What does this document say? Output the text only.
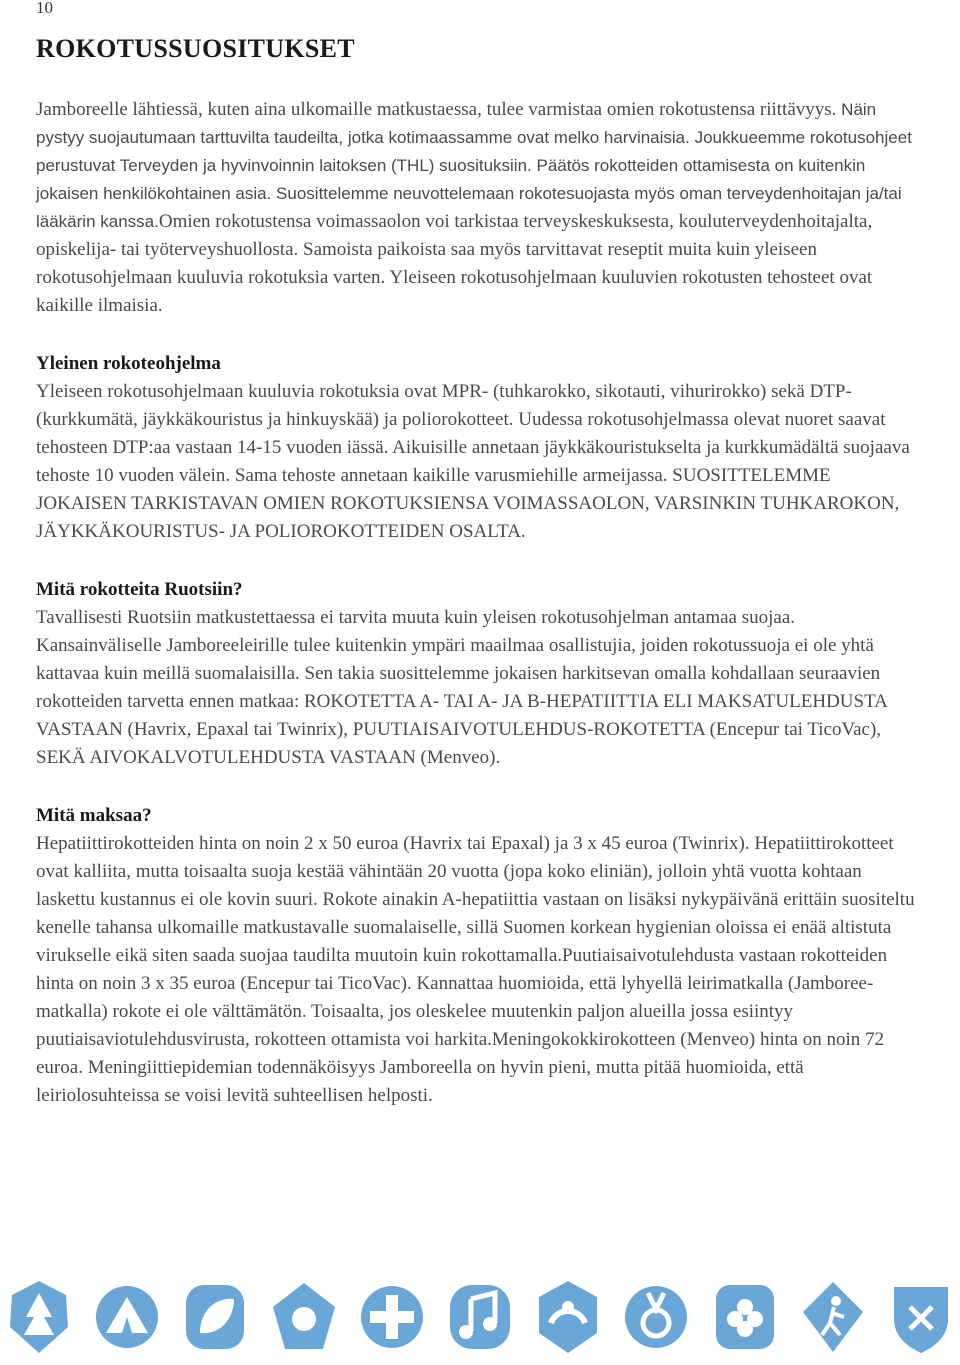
10
ROKOTUSSUOSITUKSET

Jamboreelle lähtiessä, kuten aina ulkomaille matkustaessa, tulee varmistaa omien rokotustensa riittävyys. Näin pystyy suojautumaan tarttuvilta taudeilta, jotka kotimaassamme ovat melko harvinaisia. Joukkueemme rokotusohjeet perustuvat Terveyden ja hyvinvoinnin laitoksen (THL) suosituksiin. Päätös rokotteiden ottamisesta on kuitenkin jokaisen henkilökohtainen asia. Suosittelemme neuvottelemaan rokotesuojasta myös oman terveydenhoitajan ja/tai lääkärin kanssa.Omien rokotustensa voimassaolon voi tarkistaa terveyskeskuksesta, kouluterveydenhoitajalta, opiskelija- tai työterveyshuollosta. Samoista paikoista saa myös tarvittavat reseptit muita kuin yleiseen rokotusohjelmaan kuuluvia rokotuksia varten. Yleiseen rokotusohjelmaan kuuluvien rokotusten tehosteet ovat kaikille ilmaisia.

Yleinen rokoteohjelma

Yleiseen rokotusohjelmaan kuuluvia rokotuksia ovat MPR- (tuhkarokko, sikotauti, vihurirokko) sekä DTP- (kurkkumätä, jäykkäkouristus ja hinkuyskää) ja poliorokotteet. Uudessa rokotusohjelmassa olevat nuoret saavat tehosteen DTP:aa vastaan 14-15 vuoden iässä. Aikuisille annetaan jäykkäkouristukselta ja kurkkumädältä suojaava tehoste 10 vuoden välein. Sama tehoste annetaan kaikille varusmiehille armeijassa. SUOSITTELEMME JOKAISEN TARKISTAVAN OMIEN ROKOTUKSIENSA VOIMASSAOLON, VARSINKIN TUHKAROKON, JÄYKKÄKOURISTUS- JA POLIOROKOTTEIDEN OSALTA.

Mitä rokotteita Ruotsiin?

Tavallisesti Ruotsiin matkustettaessa ei tarvita muuta kuin yleisen rokotusohjelman antamaa suojaa. Kansainväliselle Jamboreeleirille tulee kuitenkin ympäri maailmaa osallistujia, joiden rokotussuoja ei ole yhtä kattavaa kuin meillä suomalaisilla. Sen takia suosittelemme jokaisen harkitsevan omalla kohdallaan seuraavien rokotteiden tarvetta ennen matkaa: ROKOTETTA A- TAI A- JA B-HEPATIITTIA ELI MAKSATULEHDUSTA VASTAAN (Havrix, Epaxal tai Twinrix), PUUTIAISAIVOTULEHDUS-ROKOTETTA (Encepur tai TicoVac), SEKÄ AIVOKALVOTULEHDUSTA VASTAAN (Menveo).

Mitä maksaa?

Hepatiittirokotteiden hinta on noin 2 x 50 euroa (Havrix tai Epaxal) ja 3 x 45 euroa (Twinrix). Hepatiittirokotteet ovat kalliita, mutta toisaalta suoja kestää vähintään 20 vuotta (jopa koko eliniän), jolloin yhtä vuotta kohtaan laskettu kustannus ei ole kovin suuri. Rokote ainakin A-hepatiittia vastaan on lisäksi nykypäivänä erittäin suositeltu kenelle tahansa ulkomaille matkustavalle suomalaiselle, sillä Suomen korkean hygienian oloissa ei enää altistuta virukselle eikä siten saada suojaa taudilta muutoin kuin rokottamalla.Puutiaisaivotulehdusta vastaan rokotteiden hinta on noin 3 x 35 euroa (Encepur tai TicoVac). Kannattaa huomioida, että lyhyellä leirimatkalla (Jamboreematkalla) rokote ei ole välttämätön. Toisaalta, jos oleskelee muutenkin paljon alueilla jossa esiintyy puutiaisaviotulehdusvirusta, rokotteen ottamista voi harkita.Meningokokkirokotteen (Menveo) hinta on noin 72 euroa. Meningiittiepidemian todennäköisyys Jamboreella on hyvin pieni, mutta pitää huomioida, että leiriolosuhteissa se voisi levitä suhteellisen helposti.
